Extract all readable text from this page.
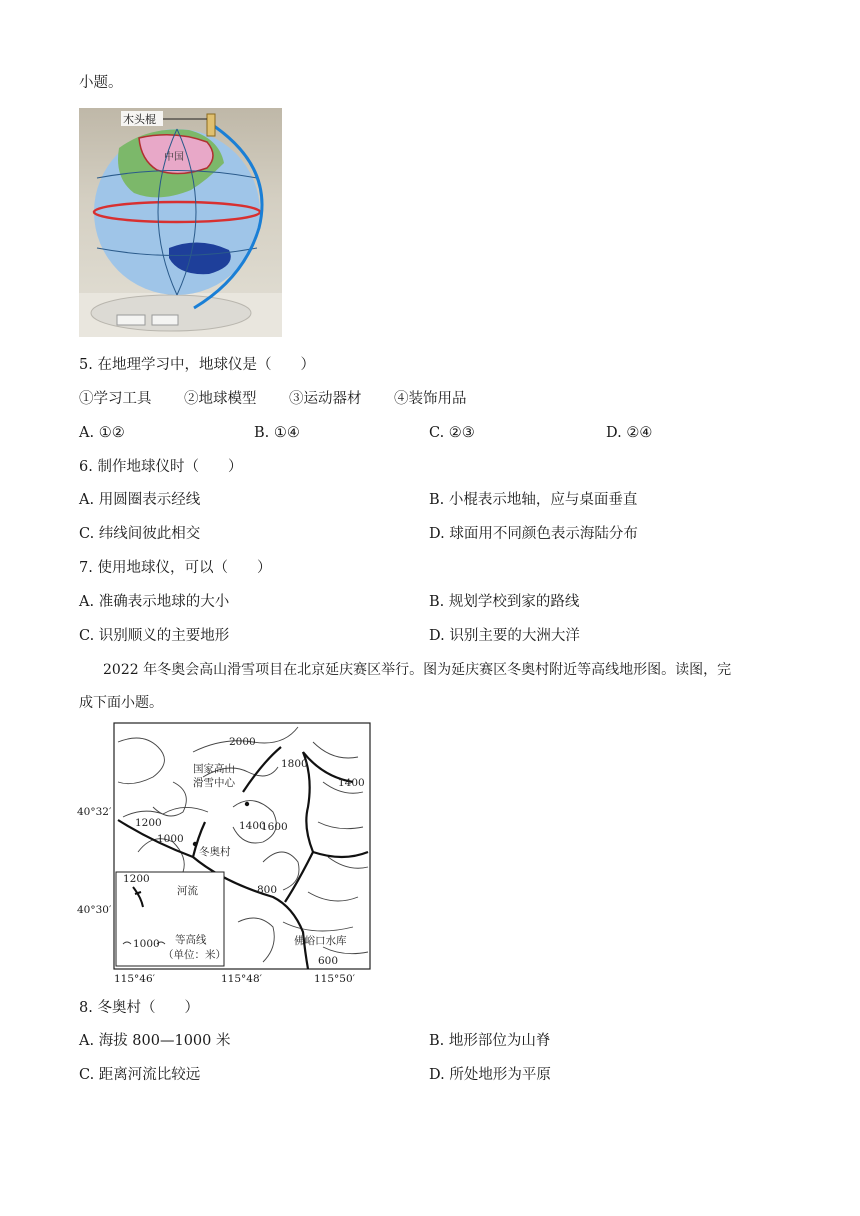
小题。
木头棍
中国
5. 在地理学习中，地球仪是（　　）
①学习工具 ②地球模型 ③运动器材 ④装饰用品
A. ①②	B. ①④	C. ②③	D. ②④
6. 制作地球仪时（　　）
A. 用圆圈表示经线	B. 小棍表示地轴，应与桌面垂直
C. 纬线间彼此相交	D. 球面用不同颜色表示海陆分布
7. 使用地球仪，可以（　　）
A. 准确表示地球的大小	B. 规划学校到家的路线
C. 识别顺义的主要地形	D. 识别主要的大洲大洋
2022 年冬奥会高山滑雪项目在北京延庆赛区举行。图为延庆赛区冬奥村附近等高线地形图。读图，完
成下面小题。
2000
1800
1600
1400
1400
1200
1000
1200
800
600
国家高山
滑雪中心
冬奥村
佛峪口水库
河流
1000 等高线
（单位：米）
40°32′
40°30′
115°46′	115°48′	115°50′
8. 冬奥村（　　）
A. 海拔 800—1000 米	B. 地形部位为山脊
C. 距离河流比较远	D. 所处地形为平原
